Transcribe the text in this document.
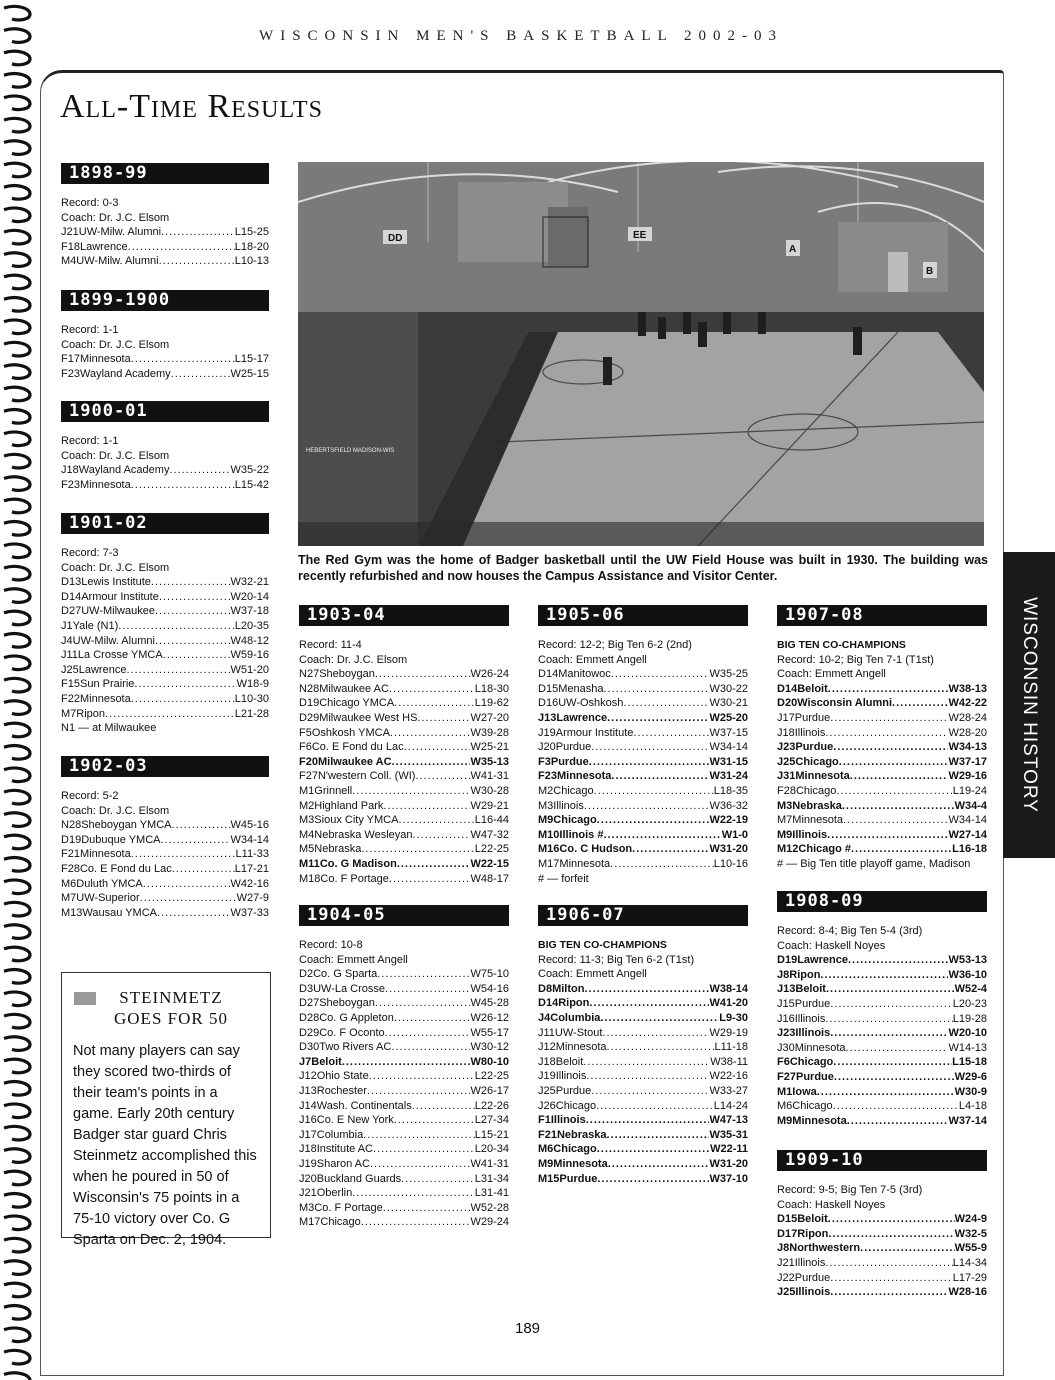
WISCONSIN MEN'S BASKETBALL 2002-03
All-Time Results
1898-99
Record: 0-3
Coach: Dr. J.C. Elsom
J 21 UW-Milw. Alumni .....	L 15-25
F 18 Lawrence .....	L 18-20
M 4 UW-Milw. Alumni .....	L 10-13
1899-1900
Record: 1-1
Coach: Dr. J.C. Elsom
F 17 Minnesota .....	L 15-17
F 23 Wayland Academy .....	W 25-15
1900-01
Record: 1-1
Coach: Dr. J.C. Elsom
J 18 Wayland Academy .....	W 35-22
F 23 Minnesota .....	L 15-42
1901-02
Record: 7-3
Coach: Dr. J.C. Elsom
D 13 Lewis Institute .....	W 32-21
D 14 Armour Institute .....	W 20-14
D 27 UW-Milwaukee .....	W 37-18
J 1 Yale (N1) .....	L 20-35
J 4 UW-Milw. Alumni .....	W 48-12
J 11 La Crosse YMCA .....	W 59-16
J 25 Lawrence .....	W 51-20
F 15 Sun Prairie .....	W 18-9
F 22 Minnesota .....	L 10-30
M 7 Ripon .....	L 21-28
N1 — at Milwaukee
1902-03
Record: 5-2
Coach: Dr. J.C. Elsom
N 28 Sheboygan YMCA .....	W 45-16
D 19 Dubuque YMCA .....	W 34-14
F 21 Minnesota .....	L 11-33
F 28 Co. E Fond du Lac .....	L 17-21
M 6 Duluth YMCA .....	W 42-16
M 7 UW-Superior .....	W 27-9
M 13 Wausau YMCA .....	W 37-33
DD	EE
A
B
HEBERTSFIELD MADISON-WIS
The Red Gym was the home of Badger basketball until the UW Field House was built in 1930. The building was recently refurbished and now houses the Campus Assistance and Visitor Center.
1903-04
Record: 11-4
Coach: Dr. J.C. Elsom
N 27 Sheboygan .....	W 26-24
N 28 Milwaukee AC .....	L 18-30
D 19 Chicago YMCA .....	L 19-62
D 29 Milwaukee West HS .....	W 27-20
F 5 Oshkosh YMCA .....	W 39-28
F 6 Co. E Fond du Lac .....	W 25-21
F 20 Milwaukee AC .....	W 35-13
F 27 N'western Coll. (WI) .....	W 41-31
M 1 Grinnell .....	W 30-28
M 2 Highland Park .....	W 29-21
M 3 Sioux City YMCA .....	L 16-44
M 4 Nebraska Wesleyan .....	W 47-32
M 5 Nebraska .....	L 22-25
M 11 Co. G Madison .....	W 22-15
M 18 Co. F Portage .....	W 48-17
1904-05
Record: 10-8
Coach: Emmett Angell
D 2 Co. G Sparta .....	W 75-10
D 3 UW-La Crosse .....	W 54-16
D 27 Sheboygan .....	W 45-28
D 28 Co. G Appleton .....	W 26-12
D 29 Co. F Oconto .....	W 55-17
D 30 Two Rivers AC .....	W 30-12
J 7 Beloit .....	W 80-10
J 12 Ohio State .....	L 22-25
J 13 Rochester .....	W 26-17
J 14 Wash. Continentals .....	L 22-26
J 16 Co. E New York .....	L 27-34
J 17 Columbia .....	L 15-21
J 18 Institute AC .....	L 20-34
J 19 Sharon AC .....	W 41-31
J 20 Buckland Guards .....	L 31-34
J 21 Oberlin .....	L 31-41
M 3 Co. F Portage .....	W 52-28
M 17 Chicago .....	W 29-24
1905-06
Record: 12-2; Big Ten 6-2 (2nd)
Coach: Emmett Angell
D 14 Manitowoc .....	W 35-25
D 15 Menasha .....	W 30-22
D 16 UW-Oshkosh .....	W 30-21
J 13 Lawrence .....	W 25-20
J 19 Armour Institute .....	W 37-15
J 20 Purdue .....	W 34-14
F 3 Purdue .....	W 31-15
F 23 Minnesota .....	W 31-24
M 2 Chicago .....	L 18-35
M 3 Illinois .....	W 36-32
M 9 Chicago .....	W 22-19
M 10 Illinois # .....	W 1-0
M 16 Co. C Hudson .....	W 31-20
M 17 Minnesota .....	L 10-16
# — forfeit
1906-07
BIG TEN CO-CHAMPIONS
Record: 11-3; Big Ten 6-2 (T1st)
Coach: Emmett Angell
D 8 Milton .....	W 38-14
D 14 Ripon .....	W 41-20
J 4 Columbia .....	L 9-30
J 11 UW-Stout .....	W 29-19
J 12 Minnesota .....	L 11-18
J 18 Beloit .....	W 38-11
J 19 Illinois .....	W 22-16
J 25 Purdue .....	W 33-27
J 26 Chicago .....	L 14-24
F 1 Illinois .....	W 47-13
F 21 Nebraska .....	W 35-31
M 6 Chicago .....	W 22-11
M 9 Minnesota .....	W 31-20
M 15 Purdue .....	W 37-10
1907-08
BIG TEN CO-CHAMPIONS
Record: 10-2; Big Ten 7-1 (T1st)
Coach: Emmett Angell
D 14 Beloit .....	W 38-13
D 20 Wisconsin Alumni .....	W 42-22
J 17 Purdue .....	W 28-24
J 18 Illinois .....	W 28-20
J 23 Purdue .....	W 34-13
J 25 Chicago .....	W 37-17
J 31 Minnesota .....	W 29-16
F 28 Chicago .....	L 19-24
M 3 Nebraska .....	W 34-4
M 7 Minnesota .....	W 34-14
M 9 Illinois .....	W 27-14
M 12 Chicago # .....	L 16-18
# — Big Ten title playoff game, Madison
1908-09
Record: 8-4; Big Ten 5-4 (3rd)
Coach: Haskell Noyes
D 19 Lawrence .....	W 53-13
J 8 Ripon .....	W 36-10
J 13 Beloit .....	W 52-4
J 15 Purdue .....	L 20-23
J 16 Illinois .....	L 19-28
J 23 Illinois .....	W 20-10
J 30 Minnesota .....	W 14-13
F 6 Chicago .....	L 15-18
F 27 Purdue .....	W 29-6
M 1 Iowa .....	W 30-9
M 6 Chicago .....	L 4-18
M 9 Minnesota .....	W 37-14
1909-10
Record: 9-5; Big Ten 7-5 (3rd)
Coach: Haskell Noyes
D 15 Beloit .....	W 24-9
D 17 Ripon .....	W 32-5
J 8 Northwestern .....	W 55-9
J 21 Illinois .....	L 14-34
J 22 Purdue .....	L 17-29
J 25 Illinois .....	W 28-16
STEINMETZ
GOES FOR 50
Not many players can say they scored two-thirds of their team's points in a game. Early 20th century Badger star guard Chris Steinmetz accomplished this when he poured in 50 of Wisconsin's 75 points in a 75-10 victory over Co. G Sparta on Dec. 2, 1904.
WISCONSIN HISTORY
189
